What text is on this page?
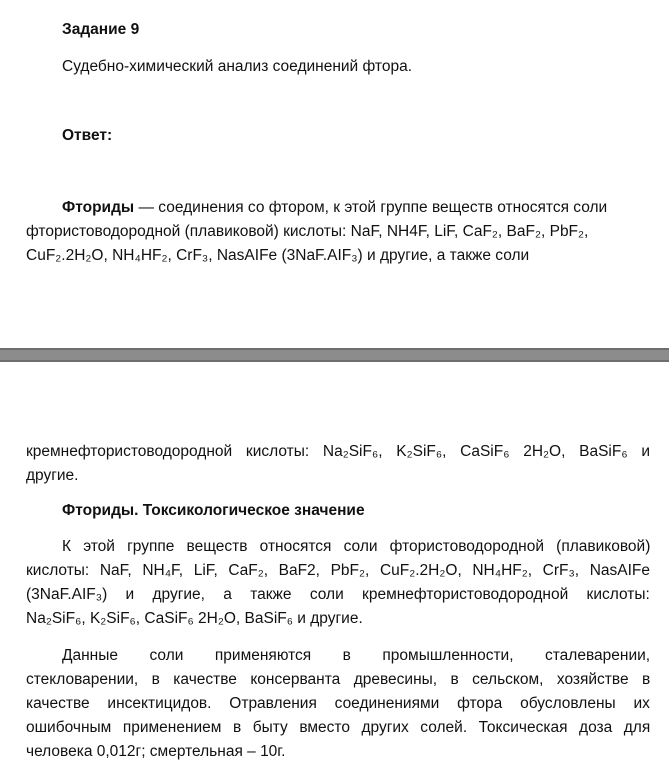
Задание 9
Судебно-химический анализ соединений фтора.
Ответ:
Фториды — соединения со фтором, к этой группе веществ относятся соли
фтористоводородной (плавиковой) кислоты: NaF, NH4F, LiF, CaF₂, BaF₂, PbF₂,
CuF₂.2H₂O, NH₄HF₂, CrF₃, NasAIFe (3NaF.AIF₃) и другие, а также соли
кремнефтористоводородной кислоты: Na₂SiF₆, K₂SiF₆, CaSiF₆ 2H₂O, BaSiF₆ и
другие.
Фториды. Токсикологическое значение
К этой группе веществ относятся соли фтористоводородной (плавиковой)
кислоты: NaF, NH₄F, LiF, CaF₂, BaF2, PbF₂, CuF₂.2H₂O, NH₄HF₂, CrF₃, NasAIFe
(3NaF.AIF₃) и другие, а также соли кремнефтористоводородной кислоты:
Na₂SiF₆, K₂SiF₆, CaSiF₆ 2H₂O, BaSiF₆ и другие.
Данные соли применяются в промышленности, сталеварении,
стекловарении, в качестве консерванта древесины, в сельском, хозяйстве в
качестве инсектицидов. Отравления соединениями фтора обусловлены их
ошибочным применением в быту вместо других солей. Токсическая доза для
человека 0,012г; смертельная – 10г.
